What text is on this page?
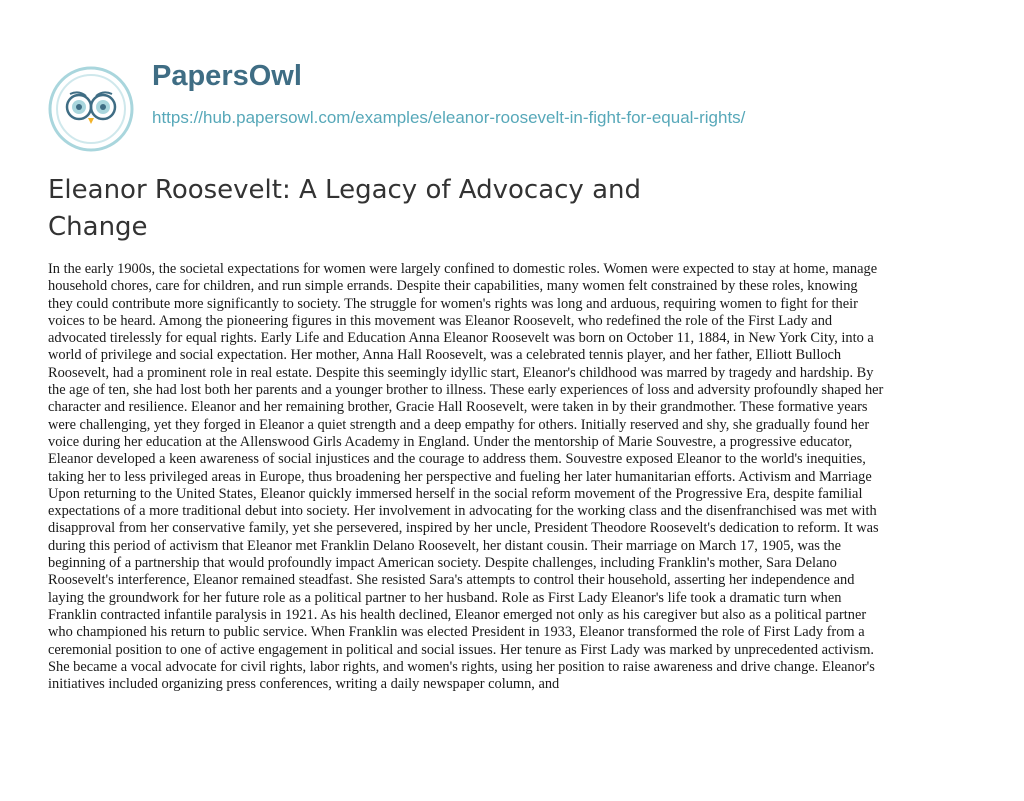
PapersOwl
https://hub.papersowl.com/examples/eleanor-roosevelt-in-fight-for-equal-rights/
Eleanor Roosevelt: A Legacy of Advocacy and Change
In the early 1900s, the societal expectations for women were largely confined to domestic roles. Women were expected to stay at home, manage
household chores, care for children, and run simple errands. Despite their capabilities, many women felt constrained by these roles, knowing
they could contribute more significantly to society. The struggle for women's rights was long and arduous, requiring women to fight for their
voices to be heard. Among the pioneering figures in this movement was Eleanor Roosevelt, who redefined the role of the First Lady and
advocated tirelessly for equal rights. Early Life and Education Anna Eleanor Roosevelt was born on October 11, 1884, in New York City, into a
world of privilege and social expectation. Her mother, Anna Hall Roosevelt, was a celebrated tennis player, and her father, Elliott Bulloch
Roosevelt, had a prominent role in real estate. Despite this seemingly idyllic start, Eleanor's childhood was marred by tragedy and hardship. By
the age of ten, she had lost both her parents and a younger brother to illness. These early experiences of loss and adversity profoundly shaped her
character and resilience. Eleanor and her remaining brother, Gracie Hall Roosevelt, were taken in by their grandmother. These formative years
were challenging, yet they forged in Eleanor a quiet strength and a deep empathy for others. Initially reserved and shy, she gradually found her
voice during her education at the Allenswood Girls Academy in England. Under the mentorship of Marie Souvestre, a progressive educator,
Eleanor developed a keen awareness of social injustices and the courage to address them. Souvestre exposed Eleanor to the world's inequities,
taking her to less privileged areas in Europe, thus broadening her perspective and fueling her later humanitarian efforts. Activism and Marriage
Upon returning to the United States, Eleanor quickly immersed herself in the social reform movement of the Progressive Era, despite familial
expectations of a more traditional debut into society. Her involvement in advocating for the working class and the disenfranchised was met with
disapproval from her conservative family, yet she persevered, inspired by her uncle, President Theodore Roosevelt's dedication to reform. It was
during this period of activism that Eleanor met Franklin Delano Roosevelt, her distant cousin. Their marriage on March 17, 1905, was the
beginning of a partnership that would profoundly impact American society. Despite challenges, including Franklin's mother, Sara Delano
Roosevelt's interference, Eleanor remained steadfast. She resisted Sara's attempts to control their household, asserting her independence and
laying the groundwork for her future role as a political partner to her husband. Role as First Lady Eleanor's life took a dramatic turn when
Franklin contracted infantile paralysis in 1921. As his health declined, Eleanor emerged not only as his caregiver but also as a political partner
who championed his return to public service. When Franklin was elected President in 1933, Eleanor transformed the role of First Lady from a
ceremonial position to one of active engagement in political and social issues. Her tenure as First Lady was marked by unprecedented activism.
She became a vocal advocate for civil rights, labor rights, and women's rights, using her position to raise awareness and drive change. Eleanor's
initiatives included organizing press conferences, writing a daily newspaper column, and
